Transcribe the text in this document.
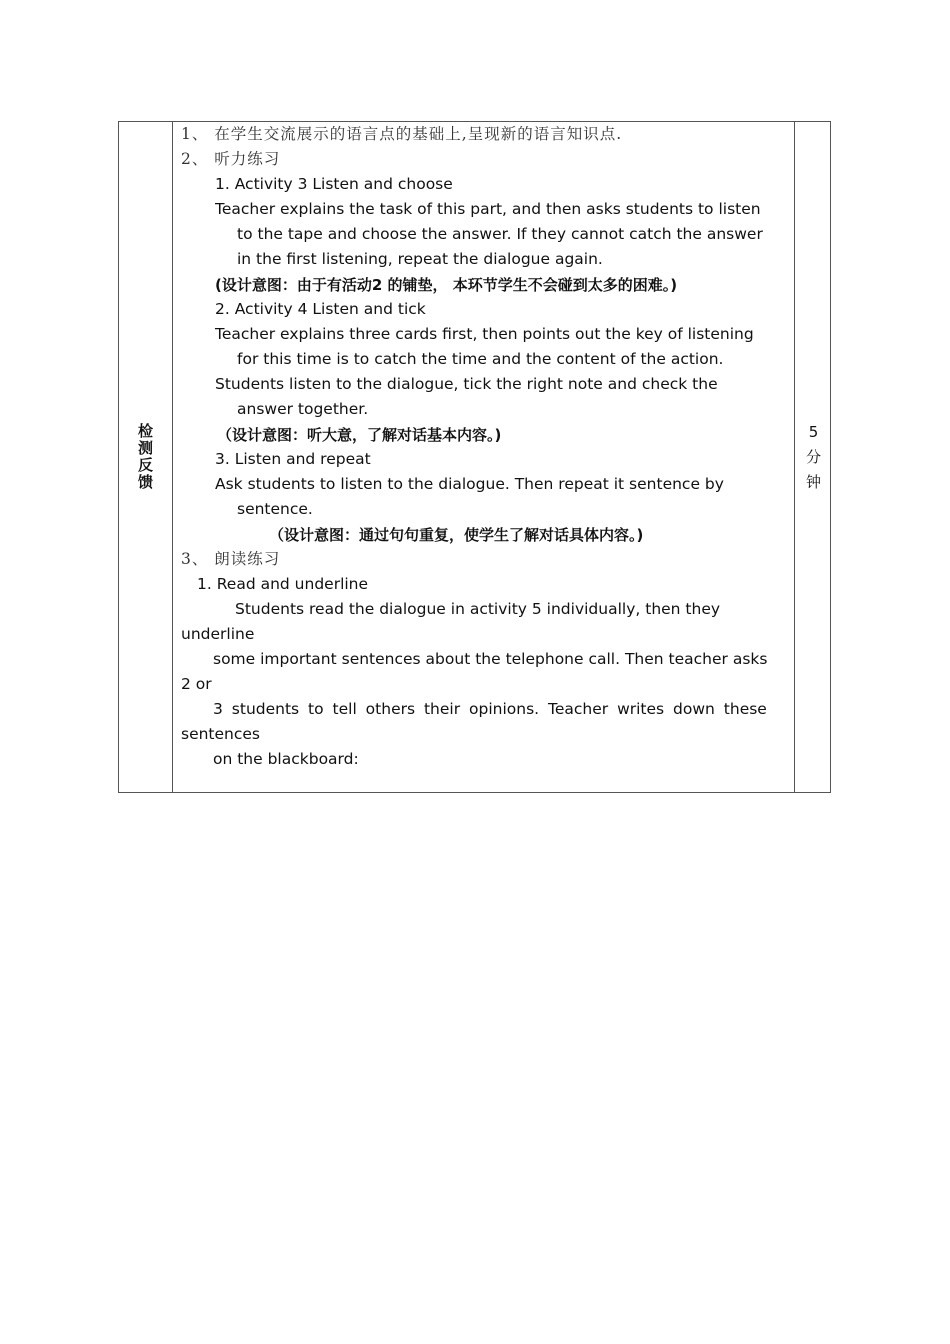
检
测
反
馈
1、 在学生交流展示的语言点的基础上,呈现新的语言知识点.
2、 听力练习
1. Activity 3 Listen and choose
Teacher explains the task of this part, and then asks students to listen
to the tape and choose the answer. If they cannot catch the answer
in the first listening, repeat the dialogue again.
(设计意图：由于有活动2 的铺垫， 本环节学生不会碰到太多的困难。)
2. Activity 4 Listen and tick
Teacher explains three cards first, then points out the key of listening
for this time is to catch the time and the content of the action.
Students listen to the dialogue, tick the right note and check the
answer together.
（设计意图：听大意，了解对话基本内容。)
3. Listen and repeat
Ask students to listen to the dialogue. Then repeat it sentence by
sentence.
（设计意图：通过句句重复，使学生了解对话具体内容。)
3、 朗读练习
1. Read and underline
Students read the dialogue in activity 5 individually, then they
underline
some important sentences about the telephone call. Then teacher asks
2 or
3 students to tell others their opinions. Teacher writes down these
sentences
on the blackboard:
5
分
钟
